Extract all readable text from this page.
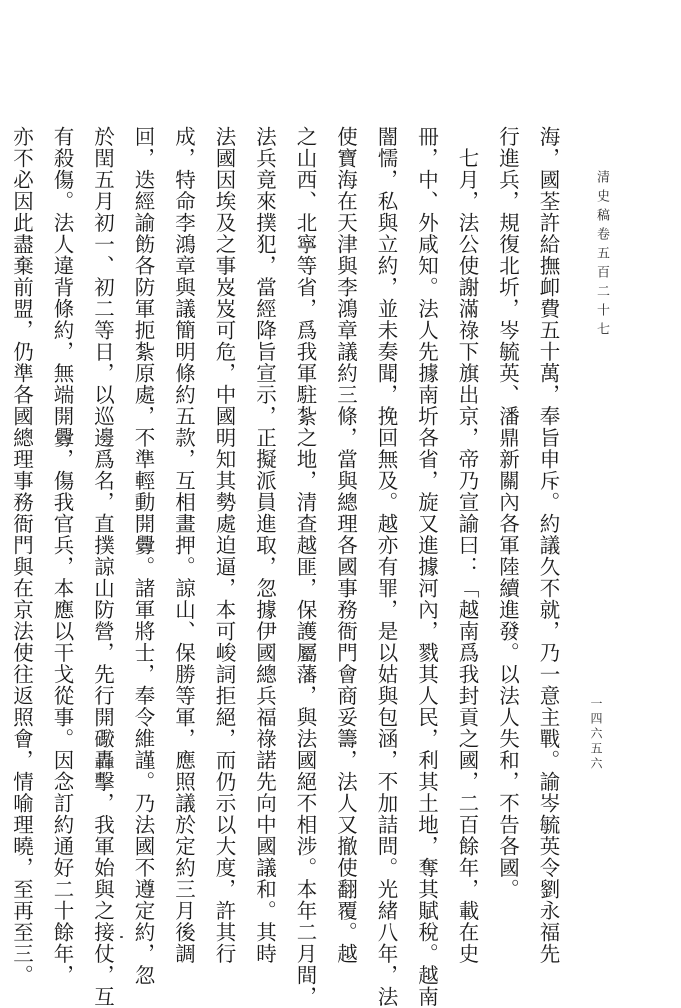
清史稿卷五百二十七
一四六五六
海，國荃許給撫卹費五十萬，奉旨申斥。約議久不就，乃一意主戰。諭岑毓英令劉永福先
行進兵，規復北圻，岑毓英、潘鼎新關內各軍陸續進發。以法人失和，不告各國。
　七月，法公使謝滿祿下旗出京，帝乃宣諭曰：「越南爲我封貢之國，二百餘年，載在史
冊，中、外咸知。法人先據南圻各省，旋又進據河內，戮其人民，利其土地，奪其賦稅。越南
闇懦，私與立約，並未奏聞，挽回無及。越亦有罪，是以姑與包涵，不加詰問。光緒八年，法
使寶海在天津與李鴻章議約三條，當與總理各國事務衙門會商妥籌，法人又撤使翻覆。越
之山西、北寧等省，爲我軍駐紮之地，清查越匪，保護屬藩，與法國絕不相涉。本年二月間，
法兵竟來撲犯，當經降旨宣示，正擬派員進取，忽據伊國總兵福祿諾先向中國議和。其時
法國因埃及之事岌岌可危，中國明知其勢處迫逼，本可峻詞拒絕，而仍示以大度，許其行
成，特命李鴻章與議簡明條約五款，互相畫押。諒山、保勝等軍，應照議於定約三月後調
回，迭經諭飭各防軍扼紮原處，不準輕動開釁。諸軍將士，奉令維謹。乃法國不遵定約，忽
於閏五月初一、初二等日，以巡邊爲名，直撲諒山防營，先行開礮轟擊，我軍始與之接仗，互
有殺傷。法人違背條約，無端開釁，傷我官兵，本應以干戈從事。因念訂約通好二十餘年，
亦不必因此盡棄前盟，仍準各國總理事務衙門與在京法使往返照會，情喻理曉，至再至三。
